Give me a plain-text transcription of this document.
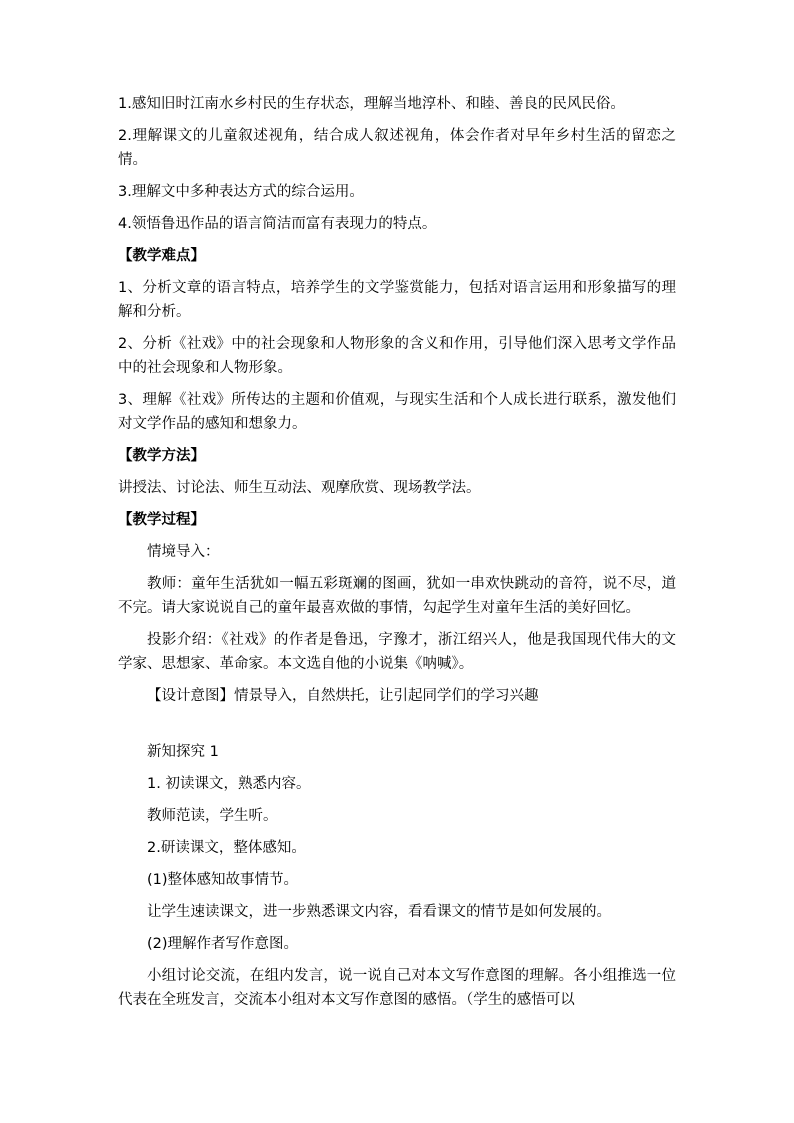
1.感知旧时江南水乡村民的生存状态，理解当地淳朴、和睦、善良的民风民俗。

2.理解课文的儿童叙述视角，结合成人叙述视角，体会作者对早年乡村生活的留恋之情。

3.理解文中多种表达方式的综合运用。

4.领悟鲁迅作品的语言简洁而富有表现力的特点。

【教学难点】

1、分析文章的语言特点，培养学生的文学鉴赏能力，包括对语言运用和形象描写的理解和分析。

2、分析《社戏》中的社会现象和人物形象的含义和作用，引导他们深入思考文学作品中的社会现象和人物形象。

3、理解《社戏》所传达的主题和价值观，与现实生活和个人成长进行联系，激发他们对文学作品的感知和想象力。

【教学方法】

讲授法、讨论法、师生互动法、观摩欣赏、现场教学法。

【教学过程】

情境导入：

教师：童年生活犹如一幅五彩斑斓的图画，犹如一串欢快跳动的音符，说不尽，道不完。请大家说说自己的童年最喜欢做的事情，勾起学生对童年生活的美好回忆。

投影介绍：《社戏》的作者是鲁迅，字豫才，浙江绍兴人，他是我国现代伟大的文学家、思想家、革命家。本文选自他的小说集《呐喊》。

【设计意图】情景导入，自然烘托，让引起同学们的学习兴趣

新知探究 1

1. 初读课文，熟悉内容。

教师范读，学生听。

2.研读课文，整体感知。

(1)整体感知故事情节。

让学生速读课文，进一步熟悉课文内容，看看课文的情节是如何发展的。

(2)理解作者写作意图。

小组讨论交流，在组内发言，说一说自己对本文写作意图的理解。各小组推选一位代表在全班发言，交流本小组对本文写作意图的感悟。（学生的感悟可以
